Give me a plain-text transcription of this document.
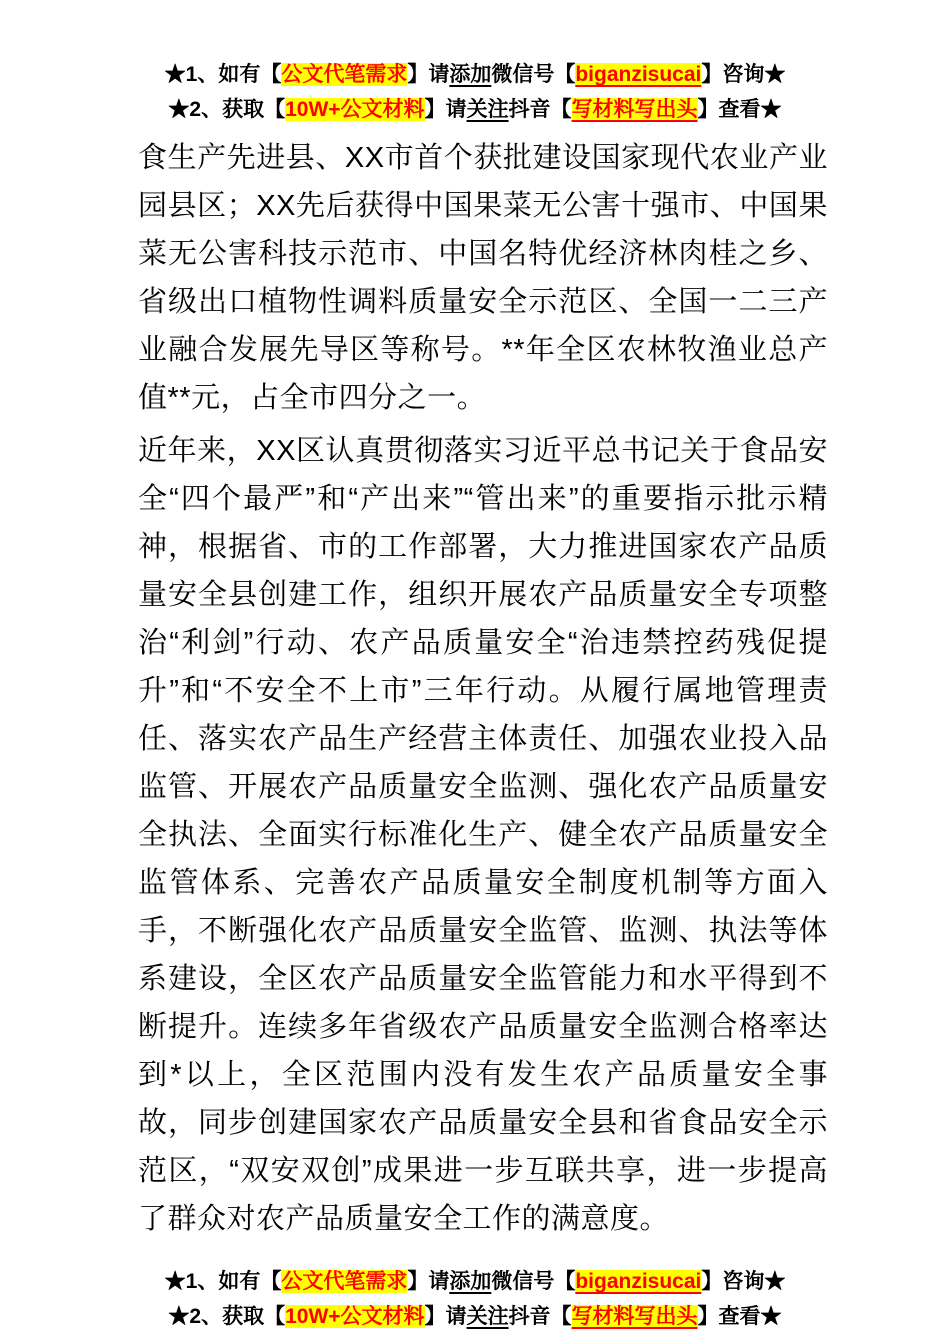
★1、如有【公文代笔需求】请添加微信号【biganzisucai】咨询★
★2、获取【10W+公文材料】请关注抖音【写材料写出头】查看★

食生产先进县、XX市首个获批建设国家现代农业产业园县区；XX先后获得中国果菜无公害十强市、中国果菜无公害科技示范市、中国名特优经济林肉桂之乡、省级出口植物性调料质量安全示范区、全国一二三产业融合发展先导区等称号。**年全区农林牧渔业总产值**元，占全市四分之一。

近年来，XX区认真贯彻落实习近平总书记关于食品安全“四个最严”和“产出来”“管出来”的重要指示批示精神，根据省、市的工作部署，大力推进国家农产品质量安全县创建工作，组织开展农产品质量安全专项整治“利剑”行动、农产品质量安全“治违禁控药残促提升”和“不安全不上市”三年行动。从履行属地管理责任、落实农产品生产经营主体责任、加强农业投入品监管、开展农产品质量安全监测、强化农产品质量安全执法、全面实行标准化生产、健全农产品质量安全监管体系、完善农产品质量安全制度机制等方面入手，不断强化农产品质量安全监管、监测、执法等体系建设，全区农产品质量安全监管能力和水平得到不断提升。连续多年省级农产品质量安全监测合格率达到*以上，全区范围内没有发生农产品质量安全事故，同步创建国家农产品质量安全县和省食品安全示范区，“双安双创”成果进一步互联共享，进一步提高了群众对农产品质量安全工作的满意度。

★1、如有【公文代笔需求】请添加微信号【biganzisucai】咨询★
★2、获取【10W+公文材料】请关注抖音【写材料写出头】查看★
